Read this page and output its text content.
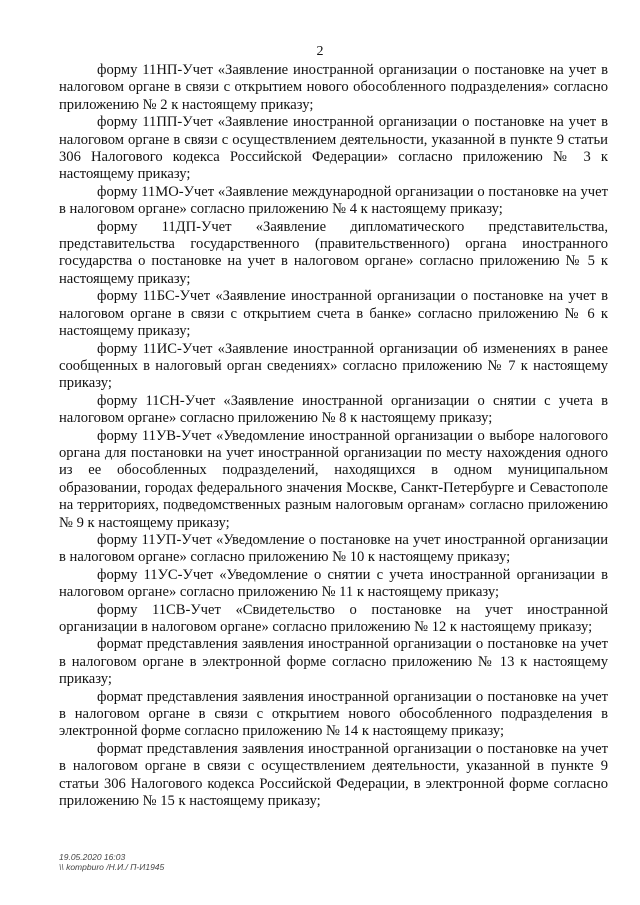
2

форму 11НП-Учет «Заявление иностранной организации о постановке на учет в налоговом органе в связи с открытием нового обособленного подразделения» согласно приложению № 2 к настоящему приказу;

форму 11ПП-Учет «Заявление иностранной организации о постановке на учет в налоговом органе в связи с осуществлением деятельности, указанной в пункте 9 статьи 306 Налогового кодекса Российской Федерации» согласно приложению № 3 к настоящему приказу;

форму 11МО-Учет «Заявление международной организации о постановке на учет в налоговом органе» согласно приложению № 4 к настоящему приказу;

форму 11ДП-Учет «Заявление дипломатического представительства, представительства государственного (правительственного) органа иностранного государства о постановке на учет в налоговом органе» согласно приложению № 5 к настоящему приказу;

форму 11БС-Учет «Заявление иностранной организации о постановке на учет в налоговом органе в связи с открытием счета в банке» согласно приложению № 6 к настоящему приказу;

форму 11ИС-Учет «Заявление иностранной организации об изменениях в ранее сообщенных в налоговый орган сведениях» согласно приложению № 7 к настоящему приказу;

форму 11СН-Учет «Заявление иностранной организации о снятии с учета в налоговом органе» согласно приложению № 8 к настоящему приказу;

форму 11УВ-Учет «Уведомление иностранной организации о выборе налогового органа для постановки на учет иностранной организации по месту нахождения одного из ее обособленных подразделений, находящихся в одном муниципальном образовании, городах федерального значения Москве, Санкт-Петербурге и Севастополе на территориях, подведомственных разным налоговым органам» согласно приложению № 9 к настоящему приказу;

форму 11УП-Учет «Уведомление о постановке на учет иностранной организации в налоговом органе» согласно приложению № 10 к настоящему приказу;

форму 11УС-Учет «Уведомление о снятии с учета иностранной организации в налоговом органе» согласно приложению № 11 к настоящему приказу;

форму 11СВ-Учет «Свидетельство о постановке на учет иностранной организации в налоговом органе» согласно приложению № 12 к настоящему приказу;

формат представления заявления иностранной организации о постановке на учет в налоговом органе в электронной форме согласно приложению № 13 к настоящему приказу;

формат представления заявления иностранной организации о постановке на учет в налоговом органе в связи с открытием нового обособленного подразделения в электронной форме согласно приложению № 14 к настоящему приказу;

формат представления заявления иностранной организации о постановке на учет в налоговом органе в связи с осуществлением деятельности, указанной в пункте 9 статьи 306 Налогового кодекса Российской Федерации, в электронной форме согласно приложению № 15 к настоящему приказу;

19.05.2020 16:03
\\ kompburo /Н.И./ П-И1945
